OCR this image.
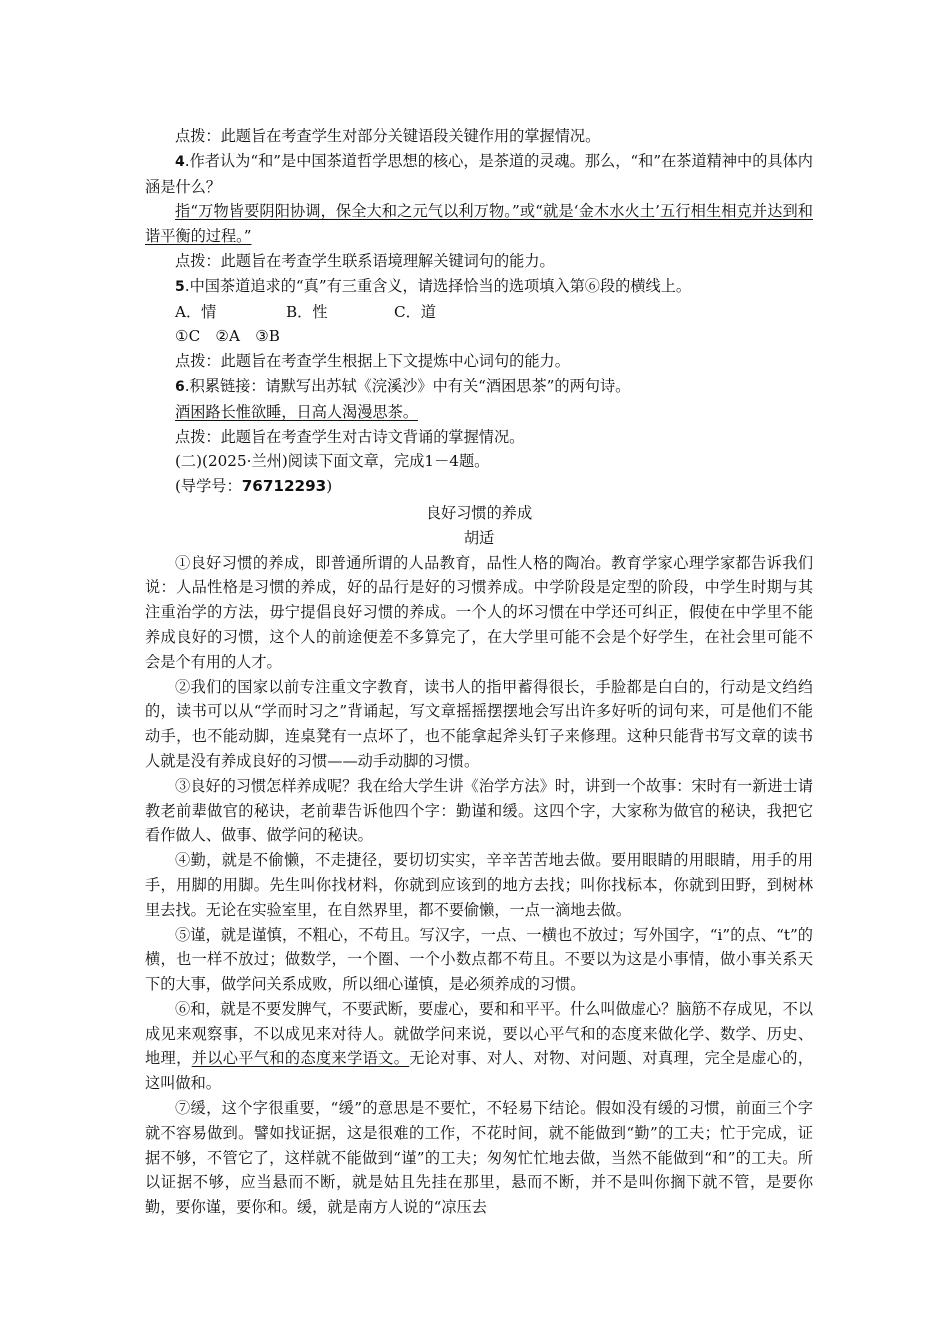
点拨：此题旨在考查学生对部分关键语段关键作用的掌握情况。

4.作者认为“和”是中国茶道哲学思想的核心，是茶道的灵魂。那么，“和”在茶道精神中的具体内涵是什么？

指“万物皆要阴阳协调，保全大和之元气以利万物。”或“就是‘金木水火土’五行相生相克并达到和谐平衡的过程。”

点拨：此题旨在考查学生联系语境理解关键词句的能力。

5.中国茶道追求的“真”有三重含义，请选择恰当的选项填入第⑥段的横线上。

A．情	B．性	C．道

①C　②A　③B

点拨：此题旨在考查学生根据上下文提炼中心词句的能力。

6.积累链接：请默写出苏轼《浣溪沙》中有关“酒困思茶”的两句诗。

酒困路长惟欲睡，日高人渴漫思茶。

点拨：此题旨在考查学生对古诗文背诵的掌握情况。

(二)(2025·兰州)阅读下面文章，完成1－4题。

(导学号：76712293)

良好习惯的养成

胡适

①良好习惯的养成，即普通所谓的人品教育，品性人格的陶冶。教育学家心理学家都告诉我们说：人品性格是习惯的养成，好的品行是好的习惯养成。中学阶段是定型的阶段，中学生时期与其注重治学的方法，毋宁提倡良好习惯的养成。一个人的坏习惯在中学还可纠正，假使在中学里不能养成良好的习惯，这个人的前途便差不多算完了，在大学里可能不会是个好学生，在社会里可能不会是个有用的人才。

②我们的国家以前专注重文字教育，读书人的指甲蓄得很长，手脸都是白白的，行动是文绉绉的，读书可以从“学而时习之”背诵起，写文章摇摇摆摆地会写出许多好听的词句来，可是他们不能动手，也不能动脚，连桌凳有一点坏了，也不能拿起斧头钉子来修理。这种只能背书写文章的读书人就是没有养成良好的习惯——动手动脚的习惯。

③良好的习惯怎样养成呢？我在给大学生讲《治学方法》时，讲到一个故事：宋时有一新进士请教老前辈做官的秘诀，老前辈告诉他四个字：勤谨和缓。这四个字，大家称为做官的秘诀，我把它看作做人、做事、做学问的秘诀。

④勤，就是不偷懒，不走捷径，要切切实实，辛辛苦苦地去做。要用眼睛的用眼睛，用手的用手，用脚的用脚。先生叫你找材料，你就到应该到的地方去找；叫你找标本，你就到田野，到树林里去找。无论在实验室里，在自然界里，都不要偷懒，一点一滴地去做。

⑤谨，就是谨慎，不粗心，不苟且。写汉字，一点、一横也不放过；写外国字，“i”的点、“t”的横，也一样不放过；做数学，一个圈、一个小数点都不苟且。不要以为这是小事情，做小事关系天下的大事，做学问关系成败，所以细心谨慎，是必须养成的习惯。

⑥和，就是不要发脾气，不要武断，要虚心，要和和平平。什么叫做虚心？脑筋不存成见，不以成见来观察事，不以成见来对待人。就做学问来说，要以心平气和的态度来做化学、数学、历史、地理，并以心平气和的态度来学语文。无论对事、对人、对物、对问题、对真理，完全是虚心的，这叫做和。

⑦缓，这个字很重要，“缓”的意思是不要忙，不轻易下结论。假如没有缓的习惯，前面三个字就不容易做到。譬如找证据，这是很难的工作，不花时间，就不能做到“勤”的工夫；忙于完成，证据不够，不管它了，这样就不能做到“谨”的工夫；匆匆忙忙地去做，当然不能做到“和”的工夫。所以证据不够，应当悬而不断，就是姑且先挂在那里，悬而不断，并不是叫你搁下就不管，是要你勤，要你谨，要你和。缓，就是南方人说的“凉压去
